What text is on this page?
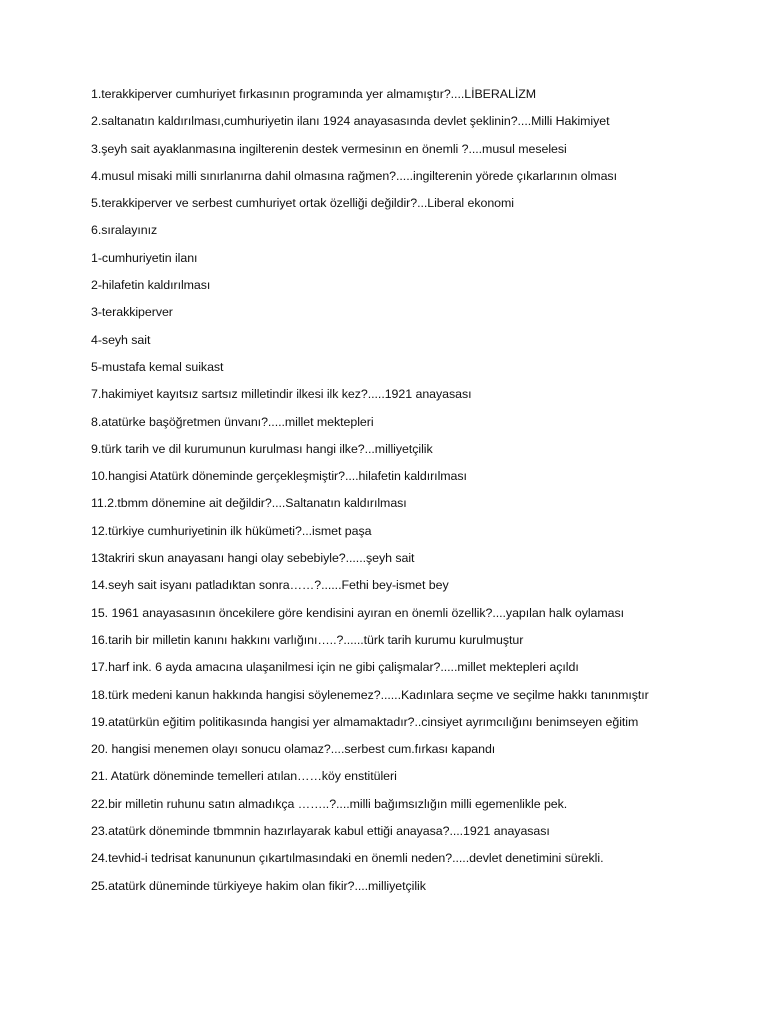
1.terakkiperver cumhuriyet fırkasının programında yer almamıştır?....LİBERALİZM
2.saltanatın kaldırılması,cumhuriyetin ilanı 1924 anayasasında devlet şeklinin?....Milli Hakimiyet
3.şeyh sait ayaklanmasına ingilterenin destek vermesinın en önemli ?....musul meselesi
4.musul misaki milli sınırlanırna dahil olmasına rağmen?.....ingilterenin yörede çıkarlarının olması
5.terakkiperver ve serbest cumhuriyet ortak özelliği değildir?...Liberal ekonomi
6.sıralayınız
1-cumhuriyetin ilanı
2-hilafetin kaldırılması
3-terakkiperver
4-seyh sait
5-mustafa kemal suikast
7.hakimiyet kayıtsız sartsız milletindir ilkesi ilk kez?.....1921 anayasası
8.atatürke başöğretmen ünvanı?.....millet mektepleri
9.türk tarih ve dil kurumunun kurulması hangi ilke?...milliyetçilik
10.hangisi Atatürk döneminde gerçekleşmiştir?....hilafetin kaldırılması
11.2.tbmm dönemine ait değildir?....Saltanatın kaldırılması
12.türkiye cumhuriyetinin ilk hükümeti?...ismet paşa
13takriri skun anayasanı hangi olay sebebiyle?......şeyh sait
14.seyh sait isyanı patladıktan sonra……?......Fethi bey-ismet bey
15. 1961 anayasasının öncekilere göre kendisini ayıran en önemli özellik?....yapılan halk oylaması
16.tarih bir milletin kanını hakkını varlığını…..?......türk tarih kurumu kurulmuştur
17.harf ink. 6 ayda amacına ulaşanilmesi için ne gibi çalişmalar?.....millet mektepleri açıldı
18.türk medeni kanun hakkında hangisi söylenemez?......Kadınlara seçme ve seçilme hakkı tanınmıştır
19.atatürkün eğitim politikasında hangisi yer almamaktadır?..cinsiyet ayrımcılığını benimseyen eğitim
20. hangisi menemen olayı sonucu olamaz?....serbest cum.fırkası kapandı
21. Atatürk döneminde temelleri atılan……köy enstitüleri
22.bir milletin ruhunu satın almadıkça ……..?....milli bağımsızlığın milli egemenlikle pek.
23.atatürk döneminde tbmmnin hazırlayarak kabul ettiği anayasa?....1921 anayasası
24.tevhid-i tedrisat kanununun çıkartılmasındaki en önemli neden?.....devlet denetimini sürekli.
25.atatürk düneminde türkiyeye hakim olan fikir?....milliyetçilik
